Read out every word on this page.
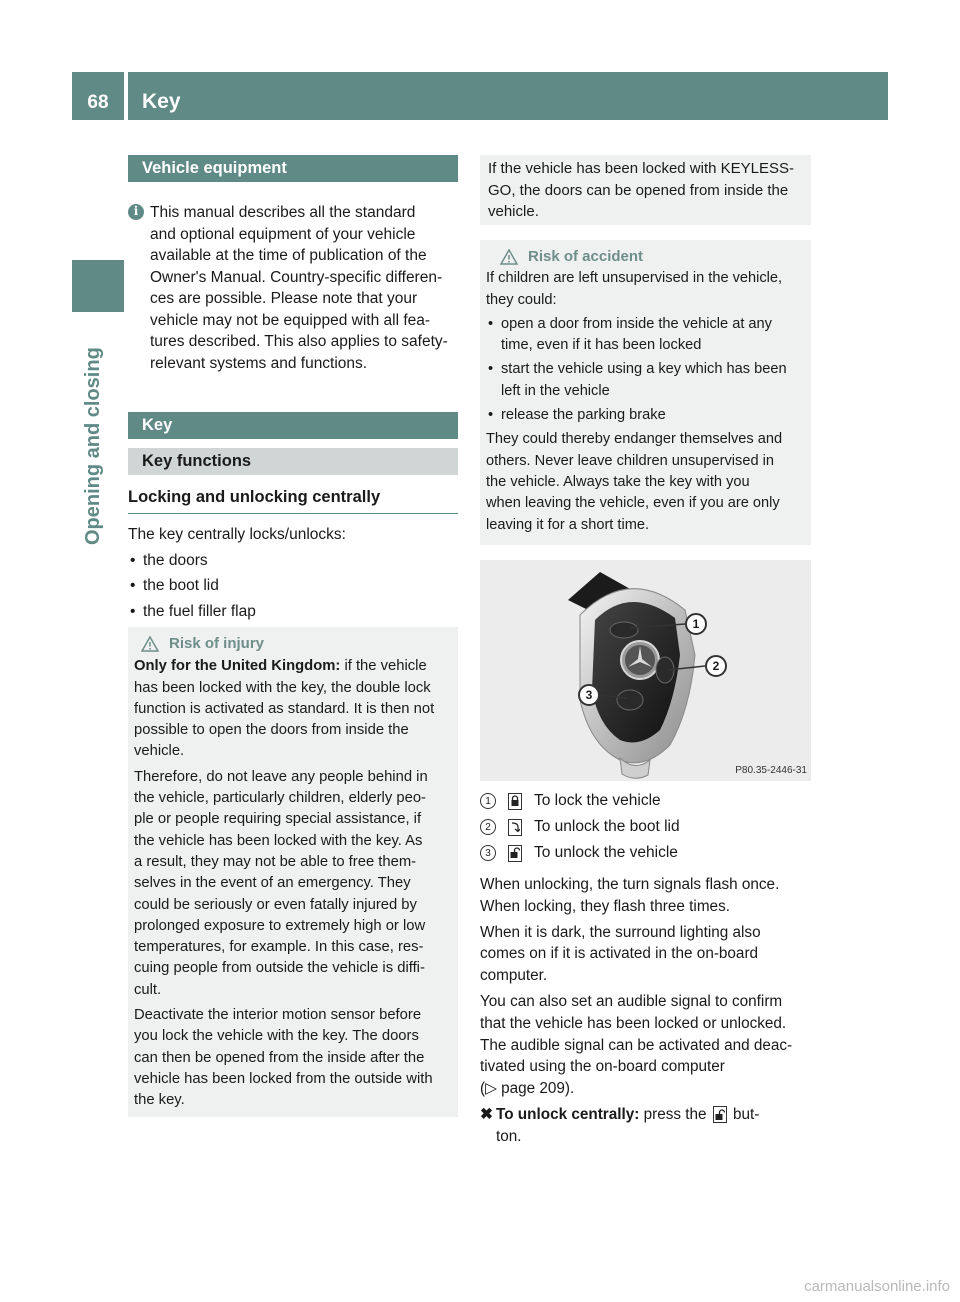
68	Key
Opening and closing
Vehicle equipment
i This manual describes all the standard
and optional equipment of your vehicle
available at the time of publication of the
Owner's Manual. Country-specific differen-
ces are possible. Please note that your
vehicle may not be equipped with all fea-
tures described. This also applies to safety-
relevant systems and functions.
Key
Key functions
Locking and unlocking centrally
The key centrally locks/unlocks:
• the doors
• the boot lid
• the fuel filler flap
Risk of injury
Only for the United Kingdom: if the vehicle
has been locked with the key, the double lock
function is activated as standard. It is then not
possible to open the doors from inside the
vehicle.
Therefore, do not leave any people behind in
the vehicle, particularly children, elderly peo-
ple or people requiring special assistance, if
the vehicle has been locked with the key. As
a result, they may not be able to free them-
selves in the event of an emergency. They
could be seriously or even fatally injured by
prolonged exposure to extremely high or low
temperatures, for example. In this case, res-
cuing people from outside the vehicle is diffi-
cult.
Deactivate the interior motion sensor before
you lock the vehicle with the key. The doors
can then be opened from the inside after the
vehicle has been locked from the outside with
the key.
If the vehicle has been locked with KEYLESS-
GO, the doors can be opened from inside the
vehicle.
Risk of accident
If children are left unsupervised in the vehicle,
they could:
• open a door from inside the vehicle at any
time, even if it has been locked
• start the vehicle using a key which has been
left in the vehicle
• release the parking brake
They could thereby endanger themselves and
others. Never leave children unsupervised in
the vehicle. Always take the key with you
when leaving the vehicle, even if you are only
leaving it for a short time.
1
2
3
P80.35-2446-31
1	To lock the vehicle
2	To unlock the boot lid
3	To unlock the vehicle
When unlocking, the turn signals flash once.
When locking, they flash three times.
When it is dark, the surround lighting also
comes on if it is activated in the on-board
computer.
You can also set an audible signal to confirm
that the vehicle has been locked or unlocked.
The audible signal can be activated and deac-
tivated using the on-board computer
(▷ page 209).
✖ To unlock centrally: press the but-
ton.
carmanualsonline.info
